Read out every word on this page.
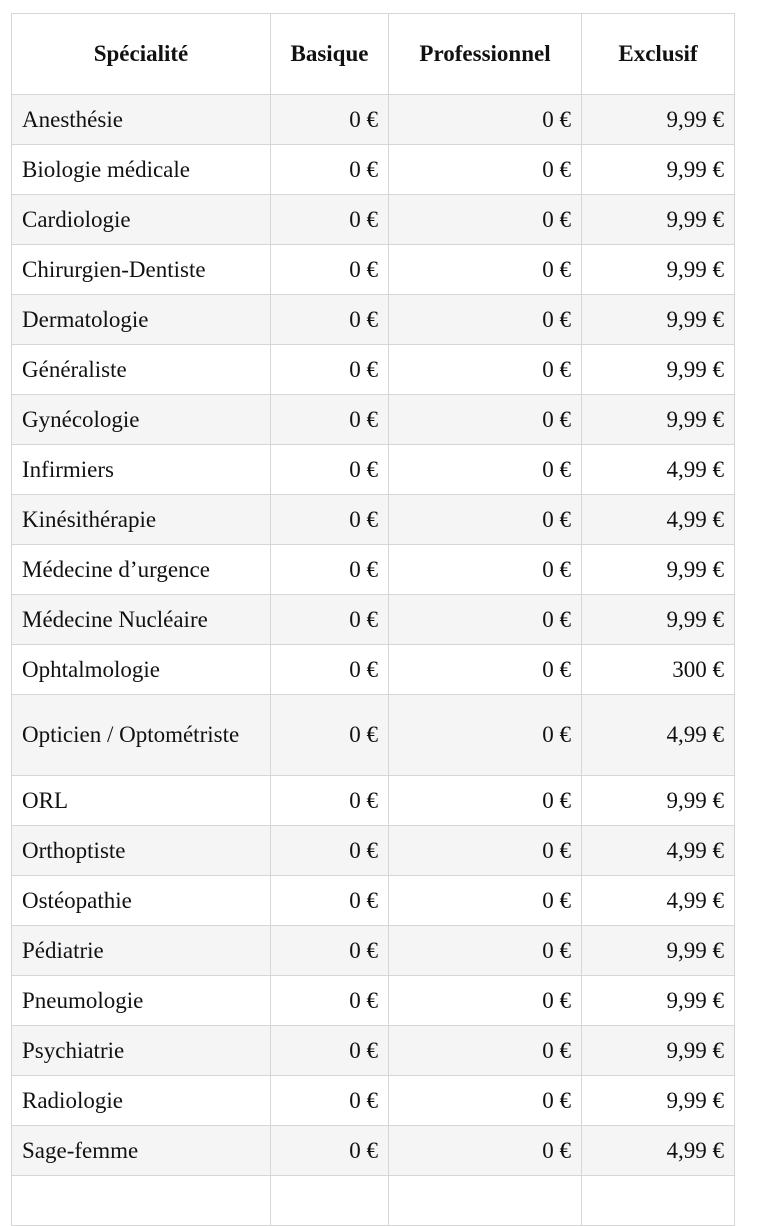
Spécialité	Basique	Professionnel	Exclusif
Anesthésie	0 €	0 €	9,99 €
Biologie médicale	0 €	0 €	9,99 €
Cardiologie	0 €	0 €	9,99 €
Chirurgien-Dentiste	0 €	0 €	9,99 €
Dermatologie	0 €	0 €	9,99 €
Généraliste	0 €	0 €	9,99 €
Gynécologie	0 €	0 €	9,99 €
Infirmiers	0 €	0 €	4,99 €
Kinésithérapie	0 €	0 €	4,99 €
Médecine d’urgence	0 €	0 €	9,99 €
Médecine Nucléaire	0 €	0 €	9,99 €
Ophtalmologie	0 €	0 €	300 €
Opticien / Optométriste	0 €	0 €	4,99 €
ORL	0 €	0 €	9,99 €
Orthoptiste	0 €	0 €	4,99 €
Ostéopathie	0 €	0 €	4,99 €
Pédiatrie	0 €	0 €	9,99 €
Pneumologie	0 €	0 €	9,99 €
Psychiatrie	0 €	0 €	9,99 €
Radiologie	0 €	0 €	9,99 €
Sage-femme	0 €	0 €	4,99 €
